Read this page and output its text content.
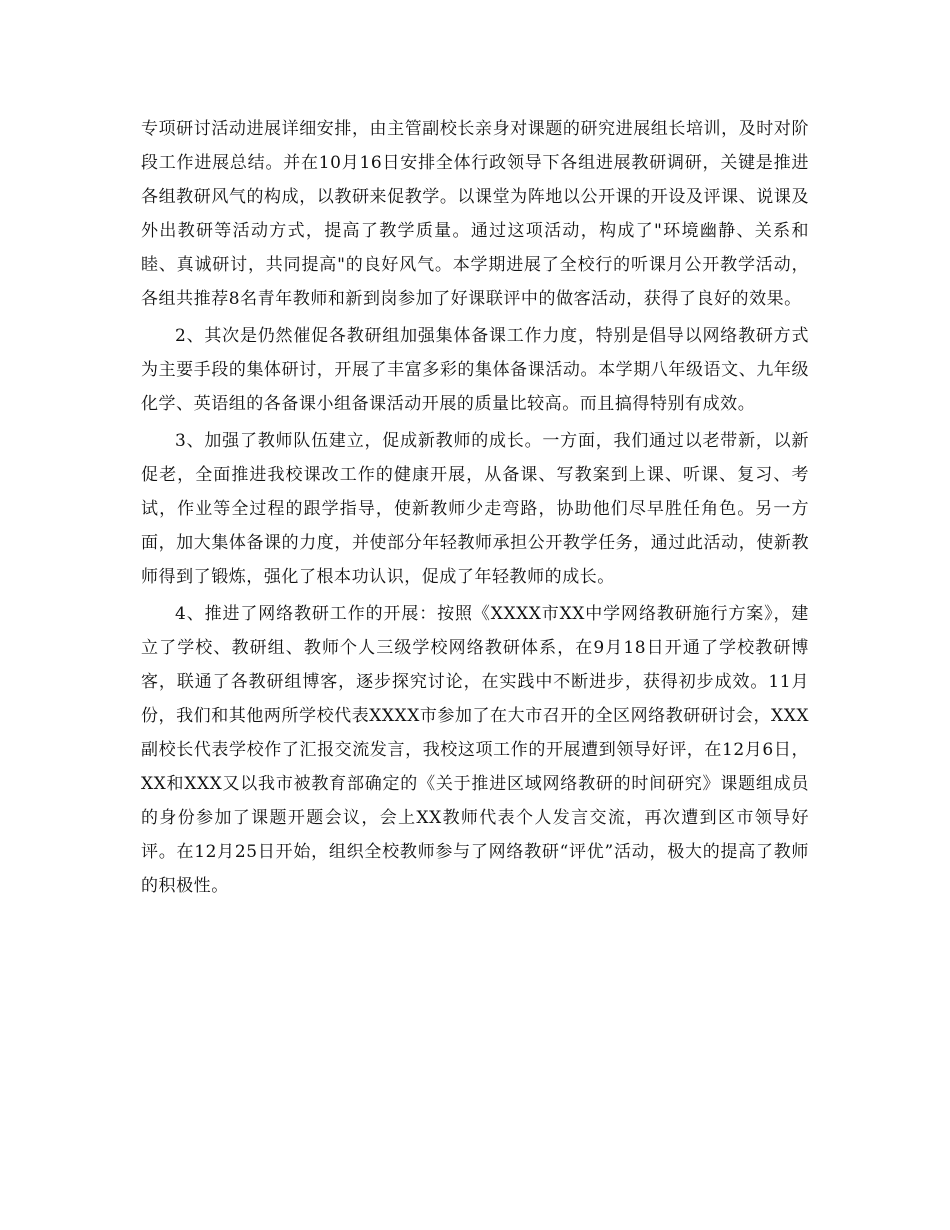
专项研讨活动进展详细安排，由主管副校长亲身对课题的研究进展组长培训，及时对阶段工作进展总结。并在10月16日安排全体行政领导下各组进展教研调研，关键是推进各组教研风气的构成，以教研来促教学。以课堂为阵地以公开课的开设及评课、说课及外出教研等活动方式，提高了教学质量。通过这项活动，构成了"环境幽静、关系和睦、真诚研讨，共同提高"的良好风气。本学期进展了全校行的听课月公开教学活动，各组共推荐8名青年教师和新到岗参加了好课联评中的做客活动，获得了良好的效果。

2、其次是仍然催促各教研组加强集体备课工作力度，特别是倡导以网络教研方式为主要手段的集体研讨，开展了丰富多彩的集体备课活动。本学期八年级语文、九年级化学、英语组的各备课小组备课活动开展的质量比较高。而且搞得特别有成效。

3、加强了教师队伍建立，促成新教师的成长。一方面，我们通过以老带新，以新促老，全面推进我校课改工作的健康开展，从备课、写教案到上课、听课、复习、考试，作业等全过程的跟学指导，使新教师少走弯路，协助他们尽早胜任角色。另一方面，加大集体备课的力度，并使部分年轻教师承担公开教学任务，通过此活动，使新教师得到了锻炼，强化了根本功认识，促成了年轻教师的成长。

4、推进了网络教研工作的开展：按照《XXXX市XX中学网络教研施行方案》，建立了学校、教研组、教师个人三级学校网络教研体系，在9月18日开通了学校教研博客，联通了各教研组博客，逐步探究讨论，在实践中不断进步，获得初步成效。11月份，我们和其他两所学校代表XXXX市参加了在大市召开的全区网络教研研讨会，XXX副校长代表学校作了汇报交流发言，我校这项工作的开展遭到领导好评，在12月6日，XX和XXX又以我市被教育部确定的《关于推进区域网络教研的时间研究》课题组成员的身份参加了课题开题会议，会上XX教师代表个人发言交流，再次遭到区市领导好评。在12月25日开始，组织全校教师参与了网络教研“评优”活动，极大的提高了教师的积极性。
